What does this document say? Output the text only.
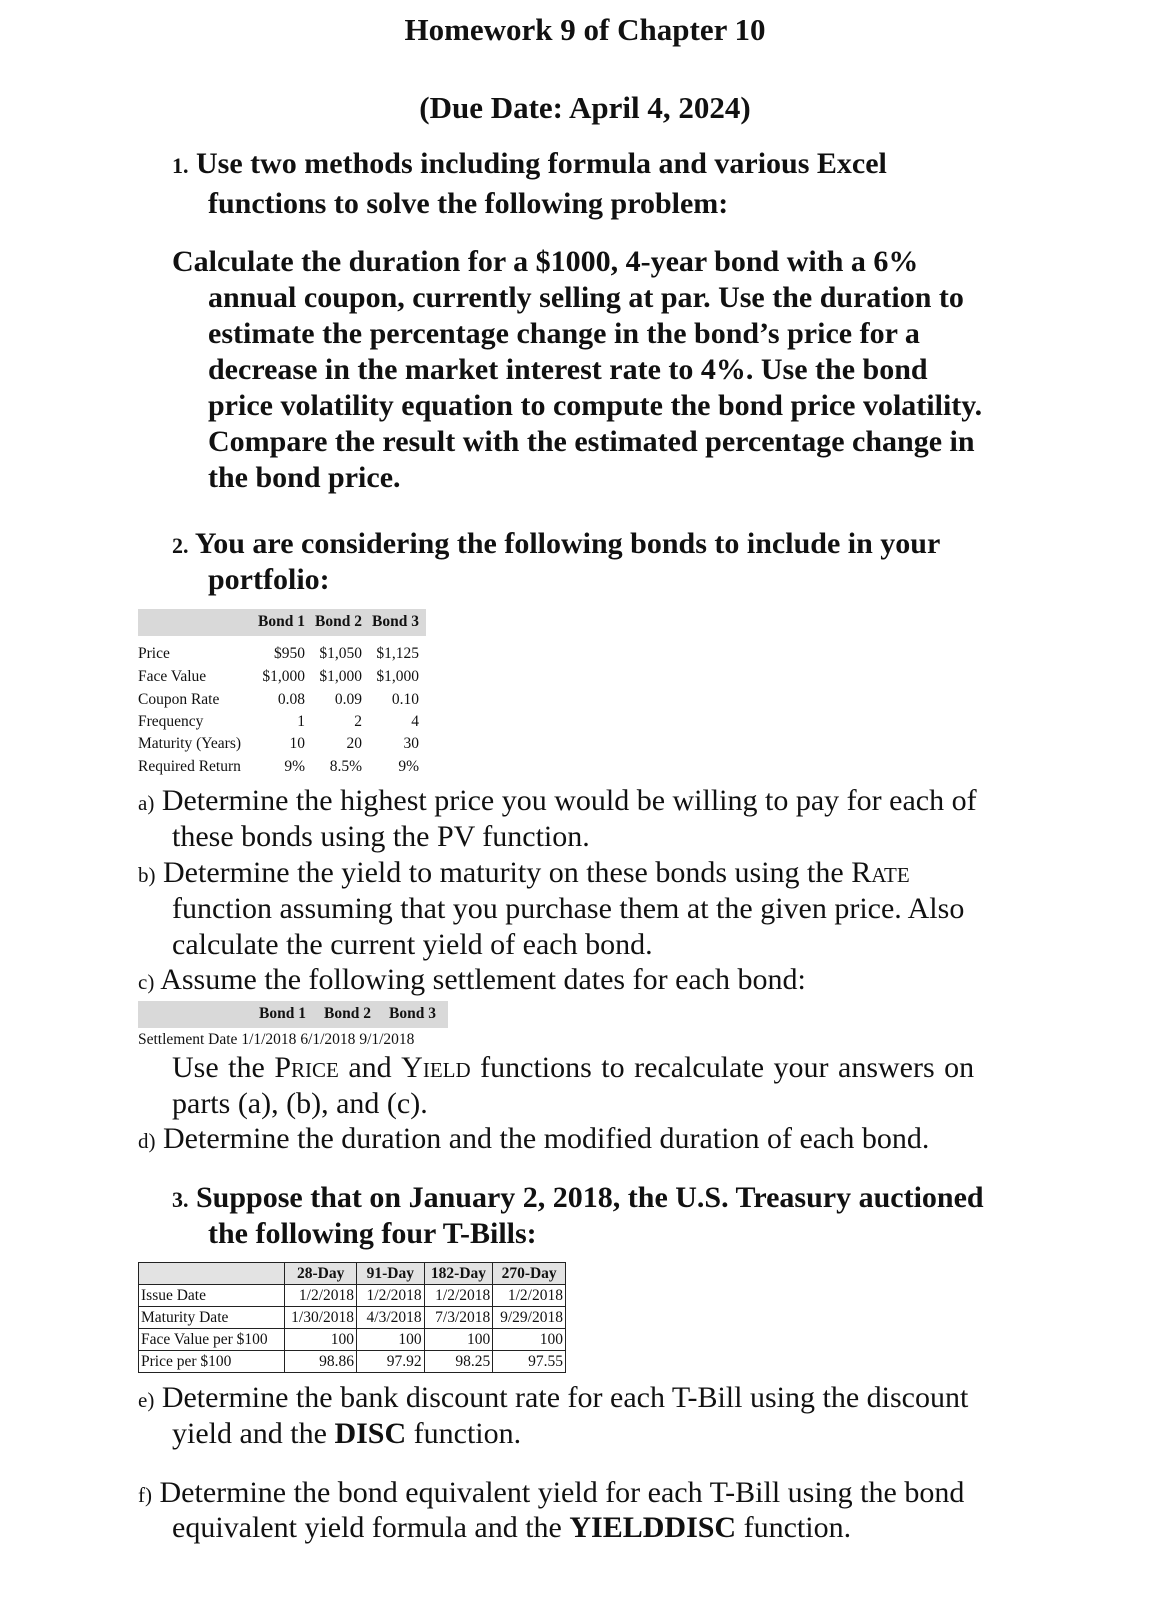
Homework 9 of Chapter 10
(Due Date: April 4, 2024)
1. Use two methods including formula and various Excel
functions to solve the following problem:
Calculate the duration for a $1000, 4-year bond with a 6%
annual coupon, currently selling at par. Use the duration to
estimate the percentage change in the bond’s price for a
decrease in the market interest rate to 4%. Use the bond
price volatility equation to compute the bond price volatility.
Compare the result with the estimated percentage change in
the bond price.
2. You are considering the following bonds to include in your
portfolio:
Bond 1 Bond 2 Bond 3
Price	$950 $1,050 $1,125
Face Value	$1,000 $1,000 $1,000
Coupon Rate	0.08	0.09	0.10
Frequency	1	2	4
Maturity (Years)	10	20	30
Required Return	9%	8.5%	9%
a) Determine the highest price you would be willing to pay for each of
these bonds using the PV function.
b) Determine the yield to maturity on these bonds using the Rate
function assuming that you purchase them at the given price. Also
calculate the current yield of each bond.
c) Assume the following settlement dates for each bond:
Bond 1 Bond 2 Bond 3
Settlement Date 1/1/2018 6/1/2018 9/1/2018
Use the Price and Yield functions to recalculate your answers on
parts (a), (b), and (c).
d) Determine the duration and the modified duration of each bond.
3. Suppose that on January 2, 2018, the U.S. Treasury auctioned
the following four T-Bills:
	28-Day	91-Day	182-Day	270-Day
Issue Date	1/2/2018	1/2/2018	1/2/2018	1/2/2018
Maturity Date	1/30/2018	4/3/2018	7/3/2018	9/29/2018
Face Value per $100	100	100	100	100
Price per $100	98.86	97.92	98.25	97.55
e) Determine the bank discount rate for each T-Bill using the discount
yield and the DISC function.
f) Determine the bond equivalent yield for each T-Bill using the bond
equivalent yield formula and the YIELDDISC function.
